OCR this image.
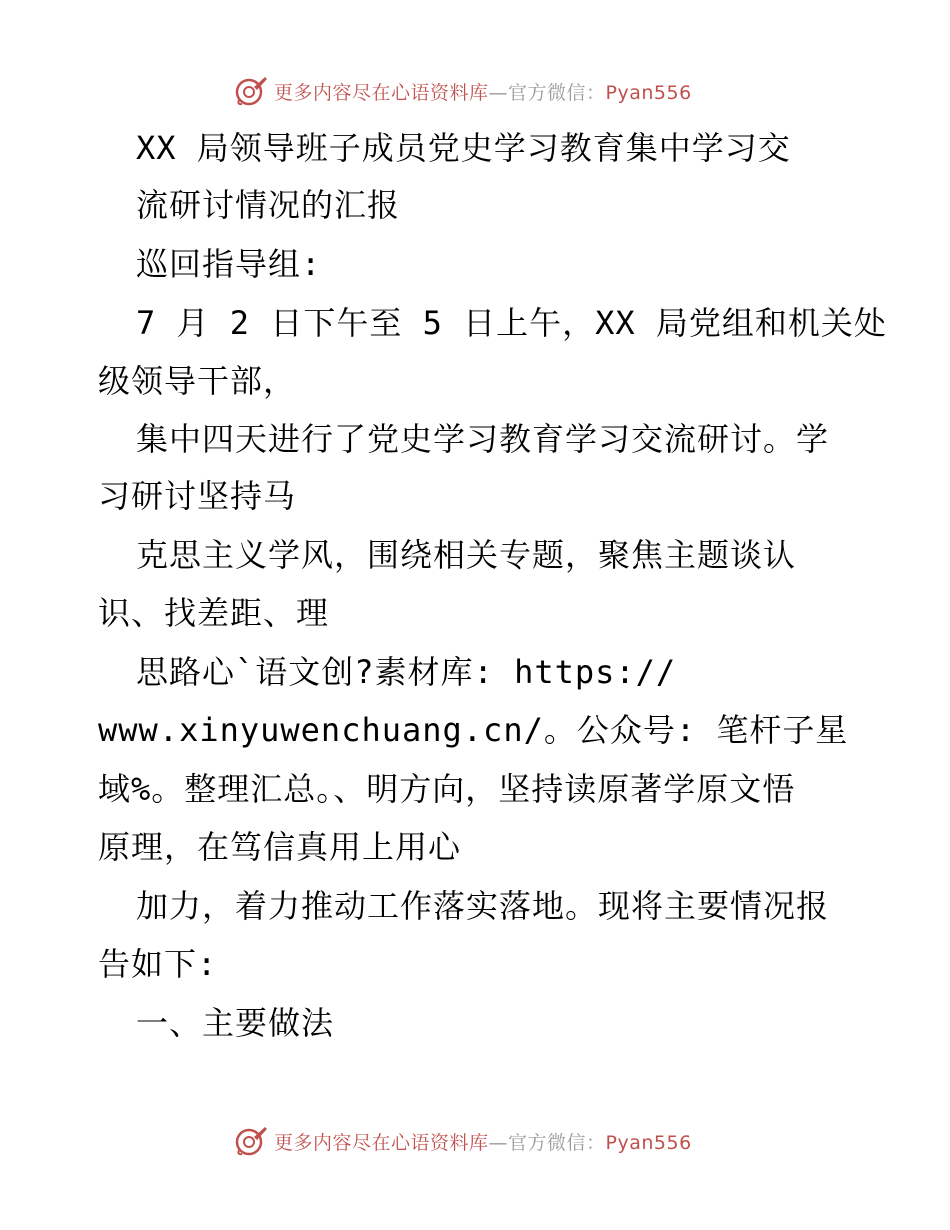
更多内容尽在心语资料库—官方微信：Pyan556
XX 局领导班子成员党史学习教育集中学习交
流研讨情况的汇报
巡回指导组:
7 月 2 日下午至 5 日上午，XX 局党组和机关处
级领导干部，
集中四天进行了党史学习教育学习交流研讨。学
习研讨坚持马
克思主义学风，围绕相关专题，聚焦主题谈认
识、找差距、理
思路心`语文创?素材库: https://
www.xinyuwenchuang.cn/。公众号: 笔杆子星
域%。整理汇总。、明方向，坚持读原著学原文悟
原理，在笃信真用上用心
加力，着力推动工作落实落地。现将主要情况报
告如下:
一、主要做法
更多内容尽在心语资料库—官方微信：Pyan556
